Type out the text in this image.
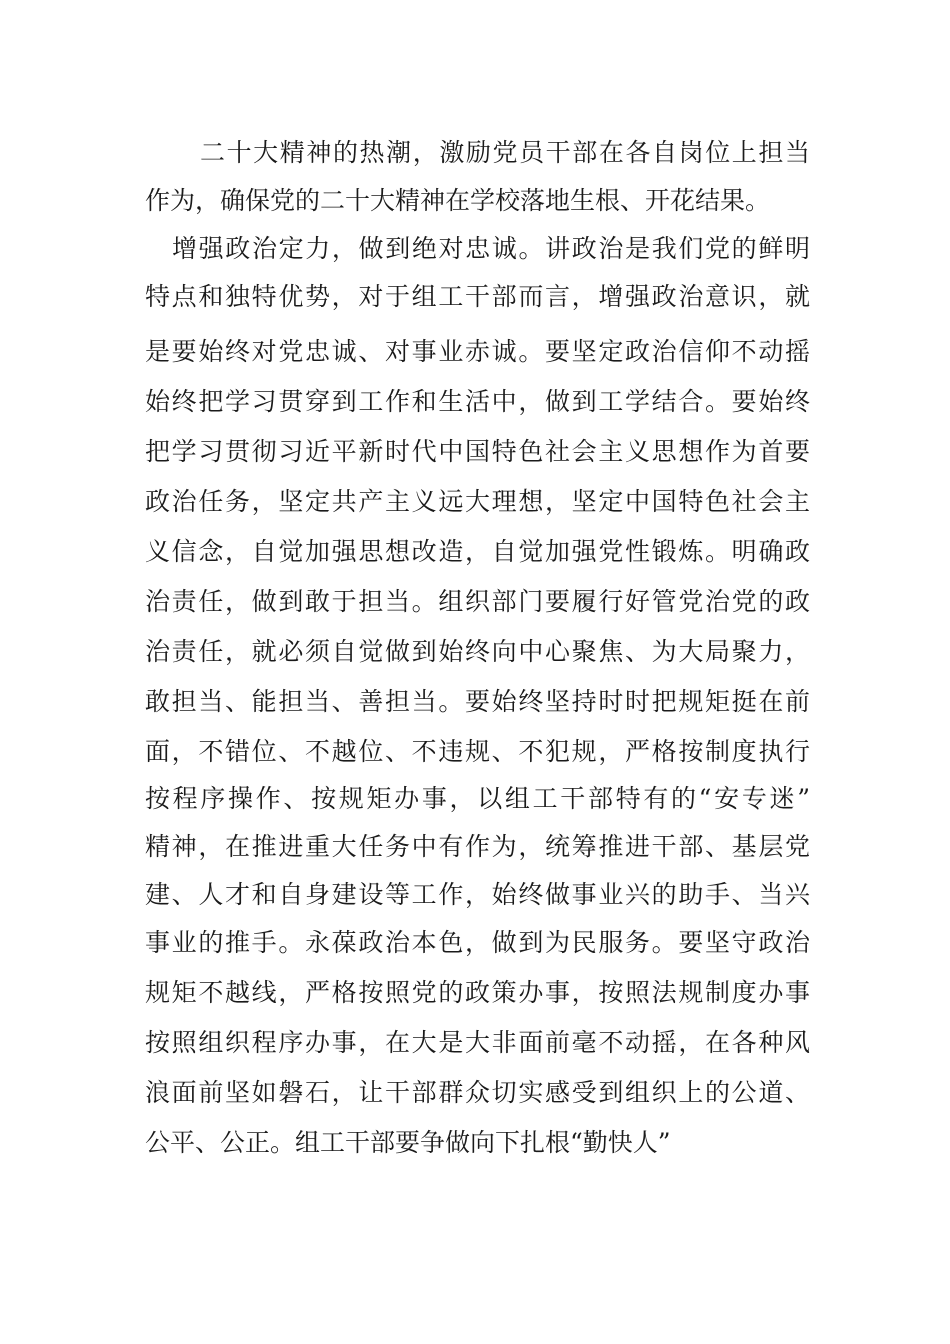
二十大精神的热潮，激励党员干部在各自岗位上担当
作为，确保党的二十大精神在学校落地生根、开花结果。
增强政治定力，做到绝对忠诚。讲政治是我们党的鲜明
特点和独特优势，对于组工干部而言，增强政治意识，就
是要始终对党忠诚、对事业赤诚。要坚定政治信仰不动摇
始终把学习贯穿到工作和生活中，做到工学结合。要始终
把学习贯彻习近平新时代中国特色社会主义思想作为首要
政治任务，坚定共产主义远大理想，坚定中国特色社会主
义信念，自觉加强思想改造，自觉加强党性锻炼。明确政
治责任，做到敢于担当。组织部门要履行好管党治党的政
治责任，就必须自觉做到始终向中心聚焦、为大局聚力，
敢担当、能担当、善担当。要始终坚持时时把规矩挺在前
面，不错位、不越位、不违规、不犯规，严格按制度执行
按程序操作、按规矩办事，以组工干部特有的“安专迷”
精神，在推进重大任务中有作为，统筹推进干部、基层党
建、人才和自身建设等工作，始终做事业兴的助手、当兴
事业的推手。永葆政治本色，做到为民服务。要坚守政治
规矩不越线，严格按照党的政策办事，按照法规制度办事
按照组织程序办事，在大是大非面前毫不动摇，在各种风
浪面前坚如磐石，让干部群众切实感受到组织上的公道、
公平、公正。组工干部要争做向下扎根“勤快人”
